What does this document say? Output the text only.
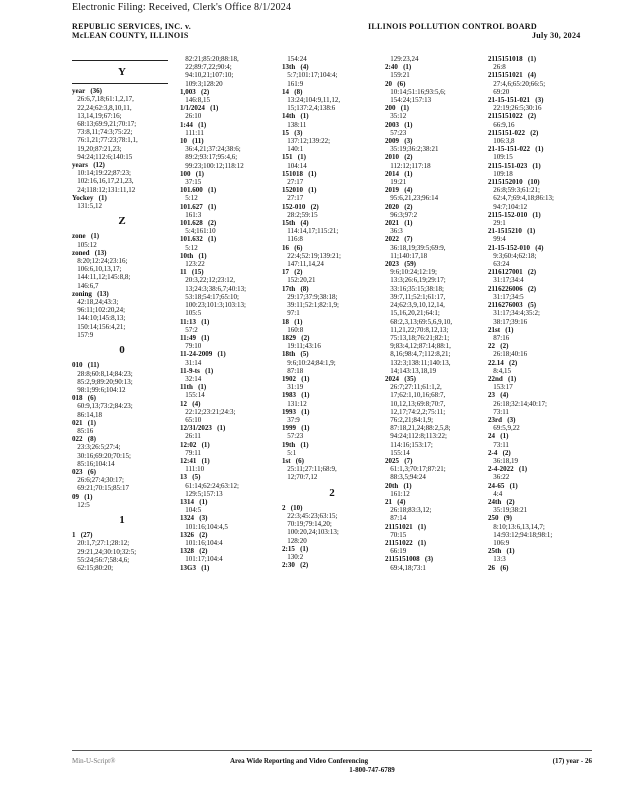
Electronic Filing: Received, Clerk's Office 8/1/2024
REPUBLIC SERVICES, INC. v.
McLEAN COUNTY, ILLINOIS
ILLINOIS POLLUTION CONTROL BOARD
July 30, 2024
Y
year   (36)
26:6,7,18;61:1,2,17,
22,24;62:3,8,10,11,
13,14,19;67:16;
68:13;69:9,21;70:17;
73:8,11;74:3;75:22;
76:1,21;77:23;78:1,1,
19,20;87:21,23;
94:24;112:6;140:15
years   (12)
10:14;19:22;87:23;
102:16,16,17,21,23,
24;118:12;131:11,12
Yockey   (1)
131:5,12
Z
zone   (1)
105:12
zoned   (13)
8:20;12:24;23:16;
106:6,10,13,17;
144:11,12;145:8,8;
146:6,7
zoning   (13)
42:18,24;43:3;
96:11;102:20,24;
144:10;145:8,13;
150:14;156:4,21;
157:9
0
010   (11)
28:8;60:8,14;84:23;
85:2,9;89:20;90:13;
98:1;99:6;104:12
018   (6)
60:9,13;73:2;84:23;
86:14,18
021   (1)
85:16
022   (8)
23:3;26:5;27:4;
30:16;69:20;70:15;
85:16;104:14
023   (6)
26:6;27:4;30:17;
69:21;70:15;85:17
09   (1)
12:5
1
1   (27)
20:1,7;27:1;28:12;
29:21,24;30:10;32:5;
55:24;56:7;58:4,6;
62:15;80:20;
82:21;85:20;88:18,
22;89:7,22;90:4;
94:10,21;107:10;
109:3;128:20
1,003   (2)
146:8,15
1/1/2024   (1)
26:10
1:44   (1)
111:11
10   (11)
36:4,21;37:24;38:6;
89:2;93:17;95:4,6;
99:23;100:12;118:12
100   (1)
37:15
101.600   (1)
5:12
101.627   (1)
161:3
101.628   (2)
5:4;161:10
101.632   (1)
5:12
10th   (1)
123:22
11   (15)
20:3,22;12;23:12,
13;24:3;38:6,7;40:13;
53:18;54:17;65:10;
100:23;101:3;103:13;
105:5
11:13   (1)
57:2
11:49   (1)
79:10
11-24-2009   (1)
31:14
11-9-ts   (1)
32:14
11th   (1)
155:14
12   (4)
22:12;23:21;24:3;
65:10
12/31/2023   (1)
26:11
12:02   (1)
79:11
12:41   (1)
111:10
13   (5)
61:14;62:24;63:12;
129:5;157:13
1314   (1)
104:5
1324   (3)
101:16;104:4,5
1326   (2)
101:16;104:4
1328   (2)
101:17;104:4
13G3   (1)
154:24
13th   (4)
5:7;101:17;104:4;
161:9
14   (8)
13:24;104:9,11,12,
15;137:2,4;138:6
14th   (1)
138:11
15   (3)
137:12;139:22;
140:1
151   (1)
104:14
151018   (1)
27:17
152010   (1)
27:17
152-010   (2)
28:2;59:15
15th   (4)
114:14,17;115:21;
116:8
16   (6)
22:4;52:19;139:21;
147:11,14,24
17   (2)
152:20,21
17th   (8)
29:17;37:9;38:18;
39:11;52:1;82:1,9;
97:1
18   (1)
160:8
1829   (2)
19:11;43:16
18th   (5)
9:6;10:24;84:1,9;
87:18
1902   (1)
31:19
1983   (1)
131:12
1993   (1)
37:9
1999   (1)
57:23
19th   (1)
5:1
1st   (6)
25:11;27:11;68:9,
12;70:7,12
2
2   (10)
22:3;45:23;63:15;
70:19;79:14,20;
100:20,24;103:13;
128:20
2:15   (1)
130:2
2:30   (2)
129:23,24
2:40   (1)
159:21
20   (6)
10:14;51:16;93:5,6;
154:24;157:13
200   (1)
35:12
2003   (1)
57:23
2009   (3)
35:19;36:2;38:21
2010   (2)
112:12;117:18
2014   (1)
19:21
2019   (4)
95:6,21,23;96:14
2020   (2)
96:3;97:2
2021   (1)
36:3
2022   (7)
36:18,19;39:5;69:9,
11;140:17,18
2023   (59)
9:6;10:24;12:19;
13:3;26:6,19;29:17;
33:16;35:15;38:18;
39:7,11;52:1;61:17,
24;62:3,9,10,12,14,
15,16,20,21;64:1;
68:2,3,13;69:5,6,9,10,
11,21,22;70:8,12,13;
75:13,18;76:21;82:1;
9;83:4,12;87:14;88:1,
8,16;98:4,7;112:8,21;
132:3;138:11;140:13,
14;143:13,18,19
2024   (35)
26:7;27:11;61:1,2,
17;62:1,10,16;68:7,
10,12,13;69:8;70:7,
12,17;74:2,2;75:11;
76:2,21;84:1,9;
87:18,21,24;88:2,5,8;
94:24;112:8;113:22;
114:16;153:17;
155:14
2025   (7)
61:1,3;70:17;87:21;
88:3,5;94:24
20th   (1)
161:12
21   (4)
26:18;83:3,12;
87:14
21151021   (1)
70:15
21151022   (1)
66:19
2115151008   (3)
69:4,18;73:1
2115151018   (1)
26:8
2115151021   (4)
27:4,6;65:20;66:5;
69:20
21-15-151-021   (3)
22:19;26:5;30:16
2115151022   (2)
66:9,16
2115151-022   (2)
106:3,8
21-15-151-022   (1)
109:15
2115-151-023   (1)
109:18
2115152010   (10)
26:8;59:3;61:21;
62:4,7;69:4,18;86:13;
94:7;104:12
2115-152-010   (1)
29:1
21-1515210   (1)
99:4
21-15-152-010   (4)
9:3;60:4;62:18;
63:24
2116127001   (2)
31:17;34:4
2116226006   (2)
31:17;34:5
2116276003   (5)
31:17;34:4;35:2;
38:17;39:16
21st   (1)
87:16
22   (2)
26:18;40:16
22.14   (2)
8:4,15
22nd   (1)
153:17
23   (4)
26:18;32:14;40:17;
73:11
23rd   (3)
69:5,9,22
24   (1)
73:11
2-4   (2)
36:18,19
2-4-2022   (1)
36:22
24-65   (1)
4:4
24th   (2)
35:19;38:21
250   (9)
8:10;13:6,13,14,7;
14:93:12;94:18;98:1;
106:9
25th   (1)
13:3
26   (6)
Min-U-Script®	Area Wide Reporting and Video Conferencing	(17) year - 26
1-800-747-6789
